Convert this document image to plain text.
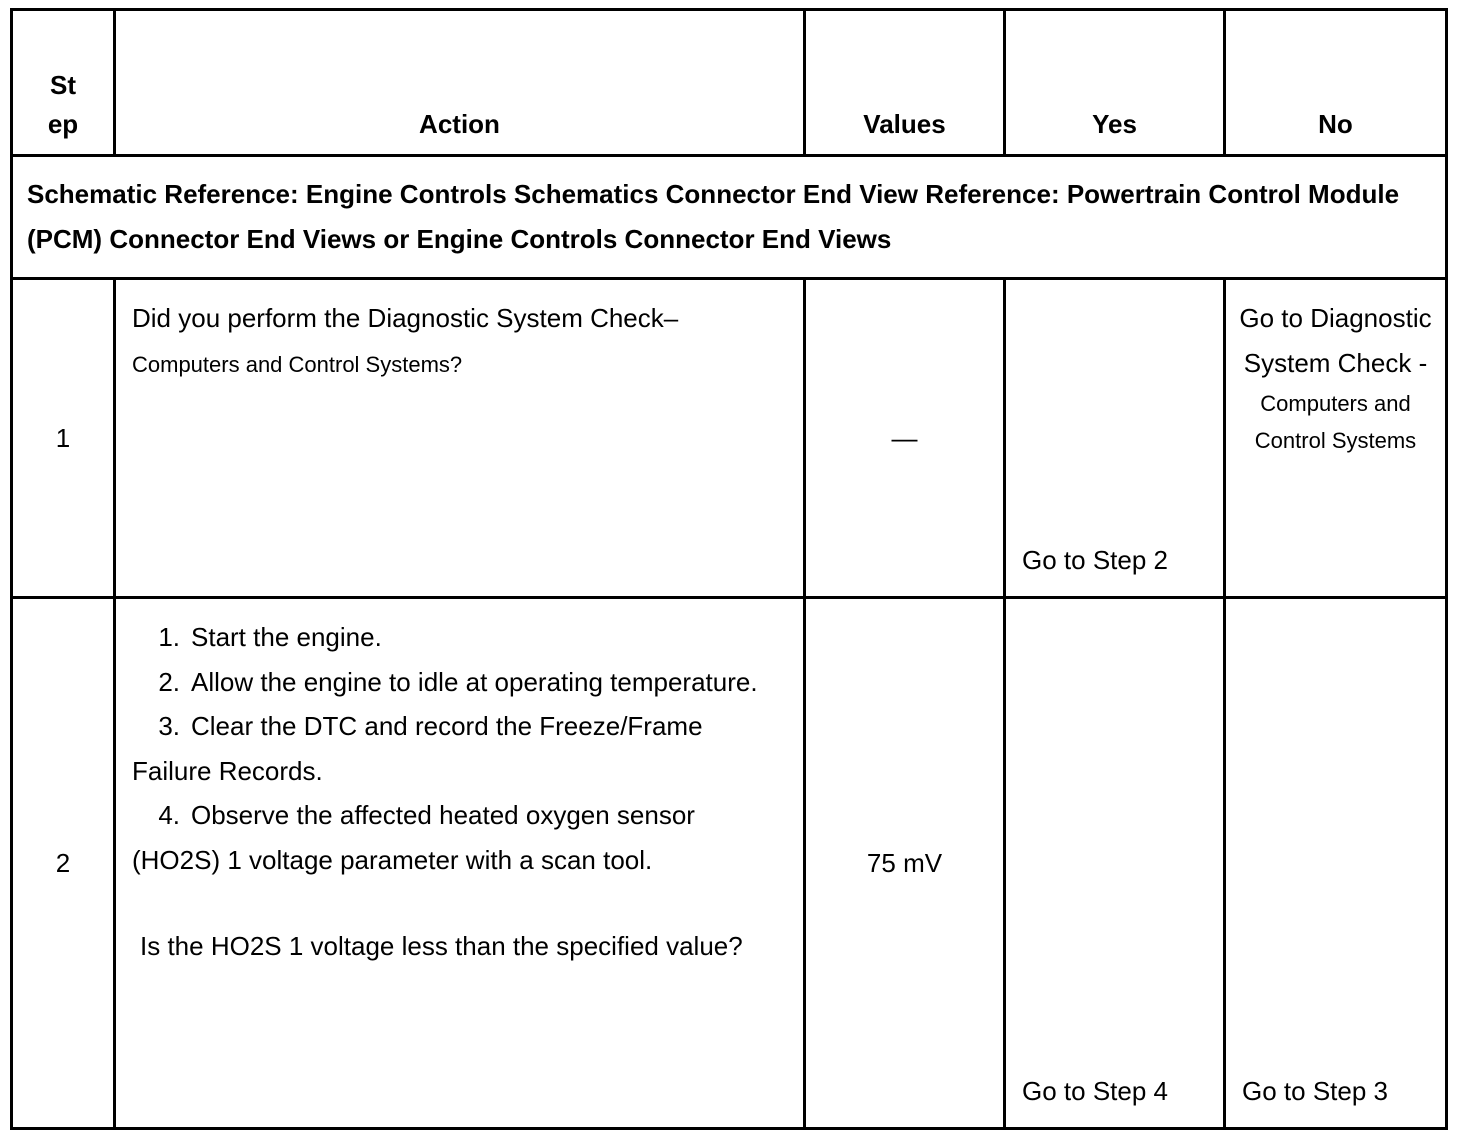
Step	Action	Values	Yes	No

Schematic Reference: Engine Controls Schematics Connector End View Reference: Powertrain Control Module (PCM) Connector End Views or Engine Controls Connector End Views				
1	Did you perform the Diagnostic System Check– Computers and Control Systems?	—	Go to Step 2	Go to Diagnostic System Check -
Computers and Control Systems

2	1. Start the engine.
2. Allow the engine to idle at operating temperature.
3. Clear the DTC and record the Freeze/Frame Failure Records.
4. Observe the affected heated oxygen sensor (HO2S) 1 voltage parameter with a scan tool.
Is the HO2S 1 voltage less than the specified value?	75 mV	Go to Step 4	Go to Step 3
